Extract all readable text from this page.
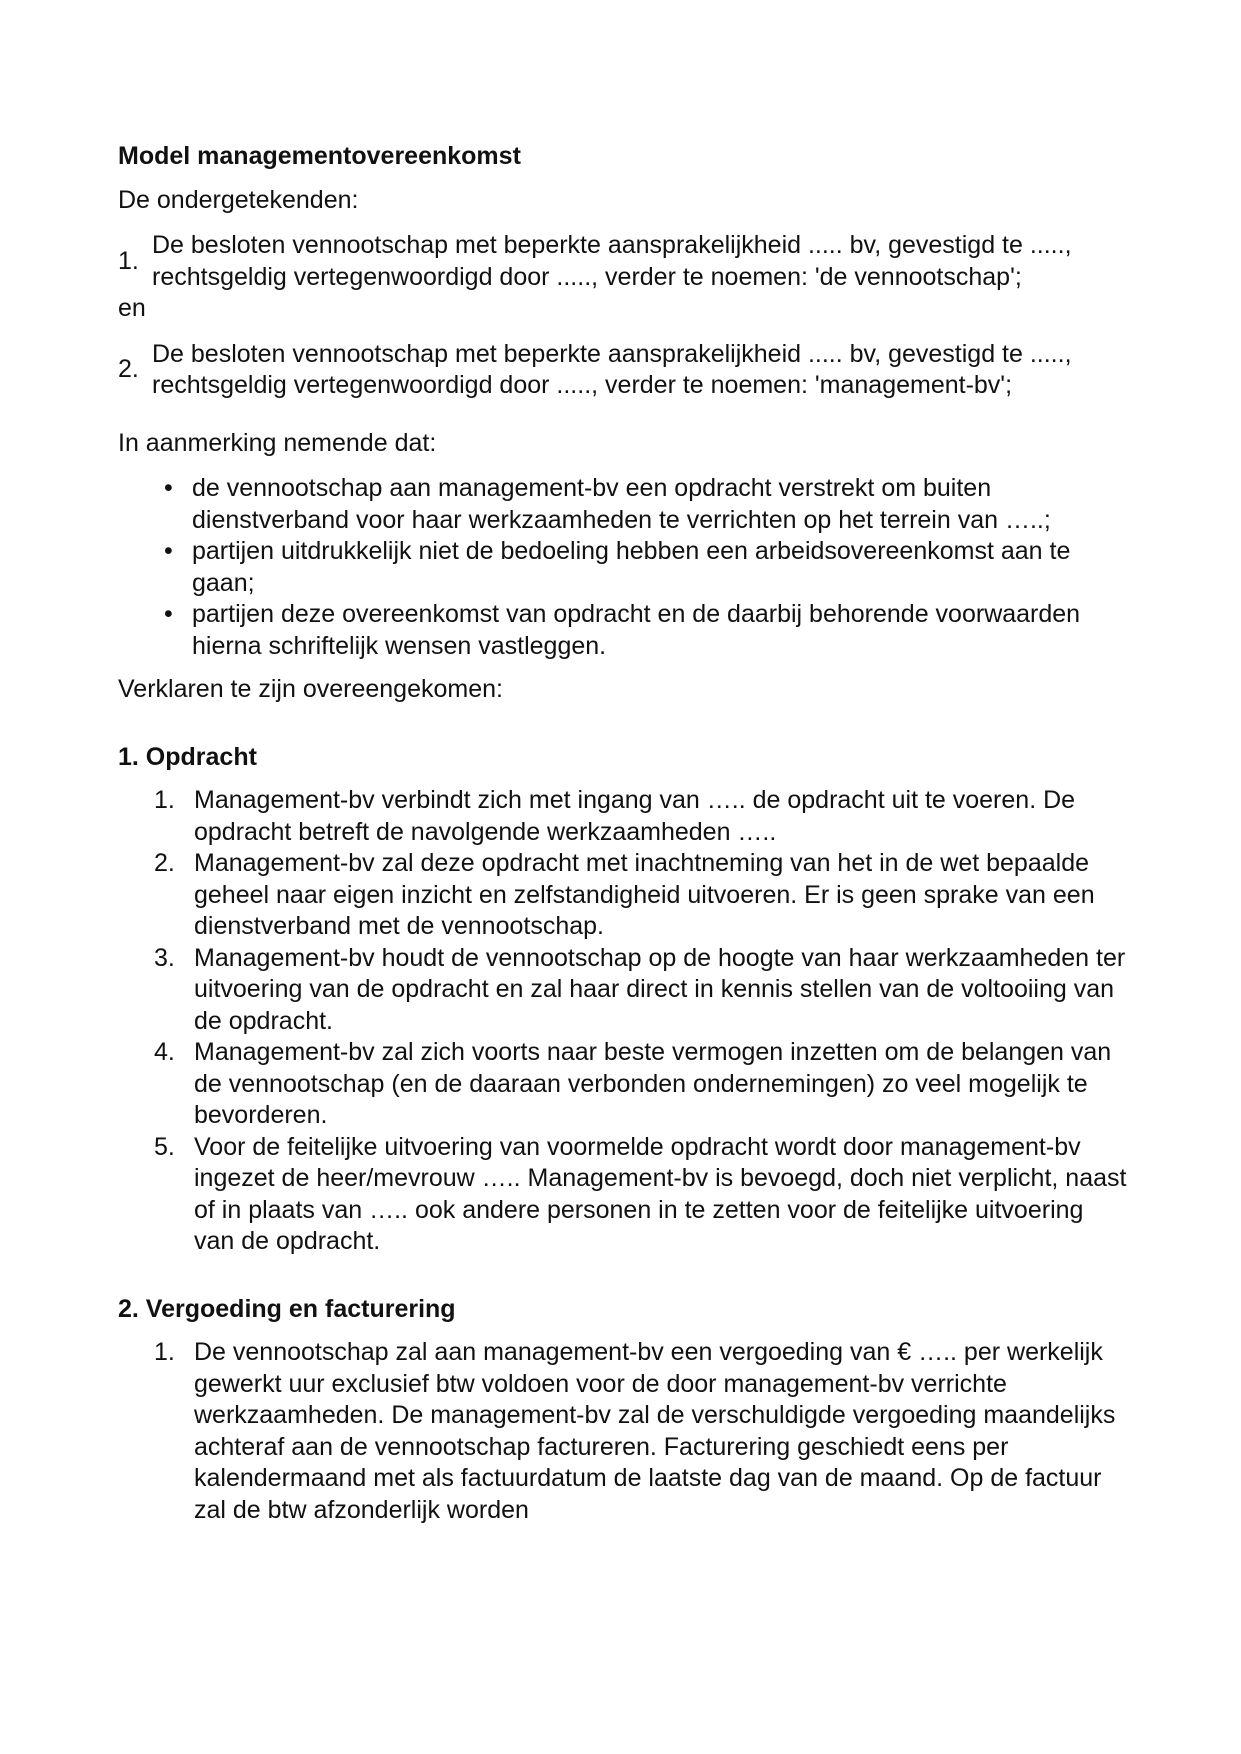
Model managementovereenkomst

De ondergetekenden:

1.
De besloten vennootschap met beperkte aansprakelijkheid ..... bv, gevestigd te ....., rechtsgeldig vertegenwoordigd door ....., verder te noemen: 'de vennootschap';

en

2.
De besloten vennootschap met beperkte aansprakelijkheid ..... bv, gevestigd te ....., rechtsgeldig vertegenwoordigd door ....., verder te noemen: 'management-bv';

In aanmerking nemende dat:

• de vennootschap aan management-bv een opdracht verstrekt om buiten dienstverband voor haar werkzaamheden te verrichten op het terrein van …..;
• partijen uitdrukkelijk niet de bedoeling hebben een arbeidsovereenkomst aan te gaan;
• partijen deze overeenkomst van opdracht en de daarbij behorende voorwaarden hierna schriftelijk wensen vastleggen.

Verklaren te zijn overeengekomen:

1. Opdracht
1. Management-bv verbindt zich met ingang van ….. de opdracht uit te voeren. De opdracht betreft de navolgende werkzaamheden …..
2. Management-bv zal deze opdracht met inachtneming van het in de wet bepaalde geheel naar eigen inzicht en zelfstandigheid uitvoeren. Er is geen sprake van een dienstverband met de vennootschap.
3. Management-bv houdt de vennootschap op de hoogte van haar werkzaamheden ter uitvoering van de opdracht en zal haar direct in kennis stellen van de voltooiing van de opdracht.
4. Management-bv zal zich voorts naar beste vermogen inzetten om de belangen van de vennootschap (en de daaraan verbonden ondernemingen) zo veel mogelijk te bevorderen.
5. Voor de feitelijke uitvoering van voormelde opdracht wordt door management-bv ingezet de heer/mevrouw ….. Management-bv is bevoegd, doch niet verplicht, naast of in plaats van ….. ook andere personen in te zetten voor de feitelijke uitvoering van de opdracht.
2. Vergoeding en facturering
1. De vennootschap zal aan management-bv een vergoeding van € ….. per werkelijk gewerkt uur exclusief btw voldoen voor de door management-bv verrichte werkzaamheden. De management-bv zal de verschuldigde vergoeding maandelijks achteraf aan de vennootschap factureren. Facturering geschiedt eens per kalendermaand met als factuurdatum de laatste dag van de maand. Op de factuur zal de btw afzonderlijk worden
